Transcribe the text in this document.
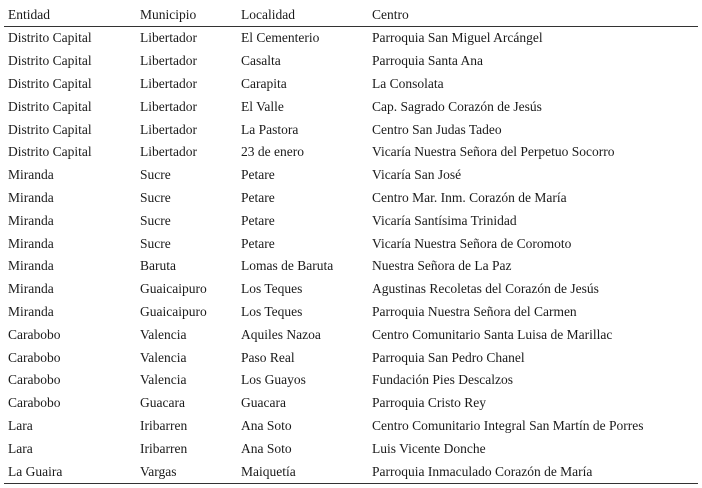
Entidad	Municipio	Localidad	Centro
Distrito Capital	Libertador	El Cementerio	Parroquia San Miguel Arcángel
Distrito Capital	Libertador	Casalta	Parroquia Santa Ana
Distrito Capital	Libertador	Carapita	La Consolata
Distrito Capital	Libertador	El Valle	Cap. Sagrado Corazón de Jesús
Distrito Capital	Libertador	La Pastora	Centro San Judas Tadeo
Distrito Capital	Libertador	23 de enero	Vicaría Nuestra Señora del Perpetuo Socorro
Miranda	Sucre	Petare	Vicaría San José
Miranda	Sucre	Petare	Centro Mar. Inm. Corazón de María
Miranda	Sucre	Petare	Vicaría Santísima Trinidad
Miranda	Sucre	Petare	Vicaría Nuestra Señora de Coromoto
Miranda	Baruta	Lomas de Baruta	Nuestra Señora de La Paz
Miranda	Guaicaipuro	Los Teques	Agustinas Recoletas del Corazón de Jesús
Miranda	Guaicaipuro	Los Teques	Parroquia Nuestra Señora del Carmen
Carabobo	Valencia	Aquiles Nazoa	Centro Comunitario Santa Luisa de Marillac
Carabobo	Valencia	Paso Real	Parroquia San Pedro Chanel
Carabobo	Valencia	Los Guayos	Fundación Pies Descalzos
Carabobo	Guacara	Guacara	Parroquia Cristo Rey
Lara	Iribarren	Ana Soto	Centro Comunitario Integral San Martín de Porres
Lara	Iribarren	Ana Soto	Luis Vicente Donche
La Guaira	Vargas	Maiquetía	Parroquia Inmaculado Corazón de María
